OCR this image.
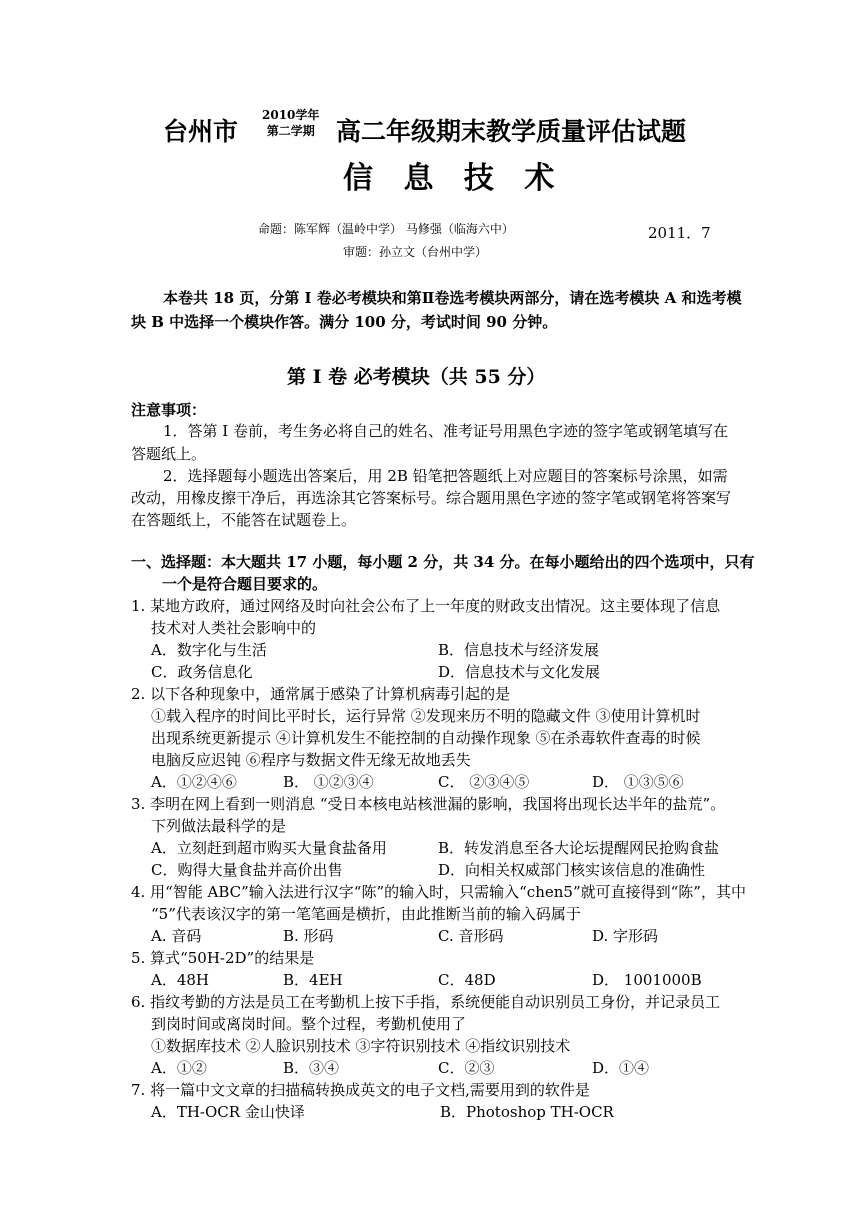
台州市
2010学年
第二学期 高二年级期末教学质量评估试题
信 息 技 术
2011．7
命题：陈军辉（温岭中学） 马修强（临海六中）
审题：孙立文（台州中学）
本卷共 18 页，分第 I 卷必考模块和第Ⅱ卷选考模块两部分，请在选考模块 A 和选考模
块 B 中选择一个模块作答。满分 100 分，考试时间 90 分钟。
第 I 卷 必考模块（共 55 分）
注意事项：
1．答第 I 卷前，考生务必将自己的姓名、准考证号用黑色字迹的签字笔或钢笔填写在
答题纸上。
2．选择题每小题选出答案后，用 2B 铅笔把答题纸上对应题目的答案标号涂黑，如需
改动，用橡皮擦干净后，再选涂其它答案标号。综合题用黑色字迹的签字笔或钢笔将答案写
在答题纸上，不能答在试题卷上。
一、选择题：本大题共 17 小题，每小题 2 分，共 34 分。在每小题给出的四个选项中，只有
一个是符合题目要求的。
1. 某地方政府，通过网络及时向社会公布了上一年度的财政支出情况。这主要体现了信息
技术对人类社会影响中的
A．数字化与生活	B．信息技术与经济发展
C．政务信息化	D．信息技术与文化发展
2. 以下各种现象中，通常属于感染了计算机病毒引起的是
①载入程序的时间比平时长，运行异常 ②发现来历不明的隐藏文件 ③使用计算机时
出现系统更新提示 ④计算机发生不能控制的自动操作现象 ⑤在杀毒软件查毒的时候
电脑反应迟钝 ⑥程序与数据文件无缘无故地丢失
A．①②④⑥	B． ①②③④	C． ②③④⑤	D． ①③⑤⑥
3. 李明在网上看到一则消息 “受日本核电站核泄漏的影响，我国将出现长达半年的盐荒”。
下列做法最科学的是
A．立刻赶到超市购买大量食盐备用	B．转发消息至各大论坛提醒网民抢购食盐
C．购得大量食盐并高价出售	D．向相关权威部门核实该信息的准确性
4. 用“智能 ABC”输入法进行汉字“陈”的输入时，只需输入“chen5”就可直接得到“陈”，其中
“5”代表该汉字的第一笔笔画是横折，由此推断当前的输入码属于
A. 音码	B. 形码	C. 音形码	D. 字形码
5. 算式“50H-2D”的结果是
A．48H	B．4EH	C．48D	D． 1001000B
6. 指纹考勤的方法是员工在考勤机上按下手指，系统便能自动识别员工身份，并记录员工
到岗时间或离岗时间。整个过程，考勤机使用了
①数据库技术 ②人脸识别技术 ③字符识别技术 ④指纹识别技术
A．①②	B．③④	C．②③	D．①④
7. 将一篇中文文章的扫描稿转换成英文的电子文档,需要用到的软件是
A．TH-OCR 金山快译	B．Photoshop TH-OCR
